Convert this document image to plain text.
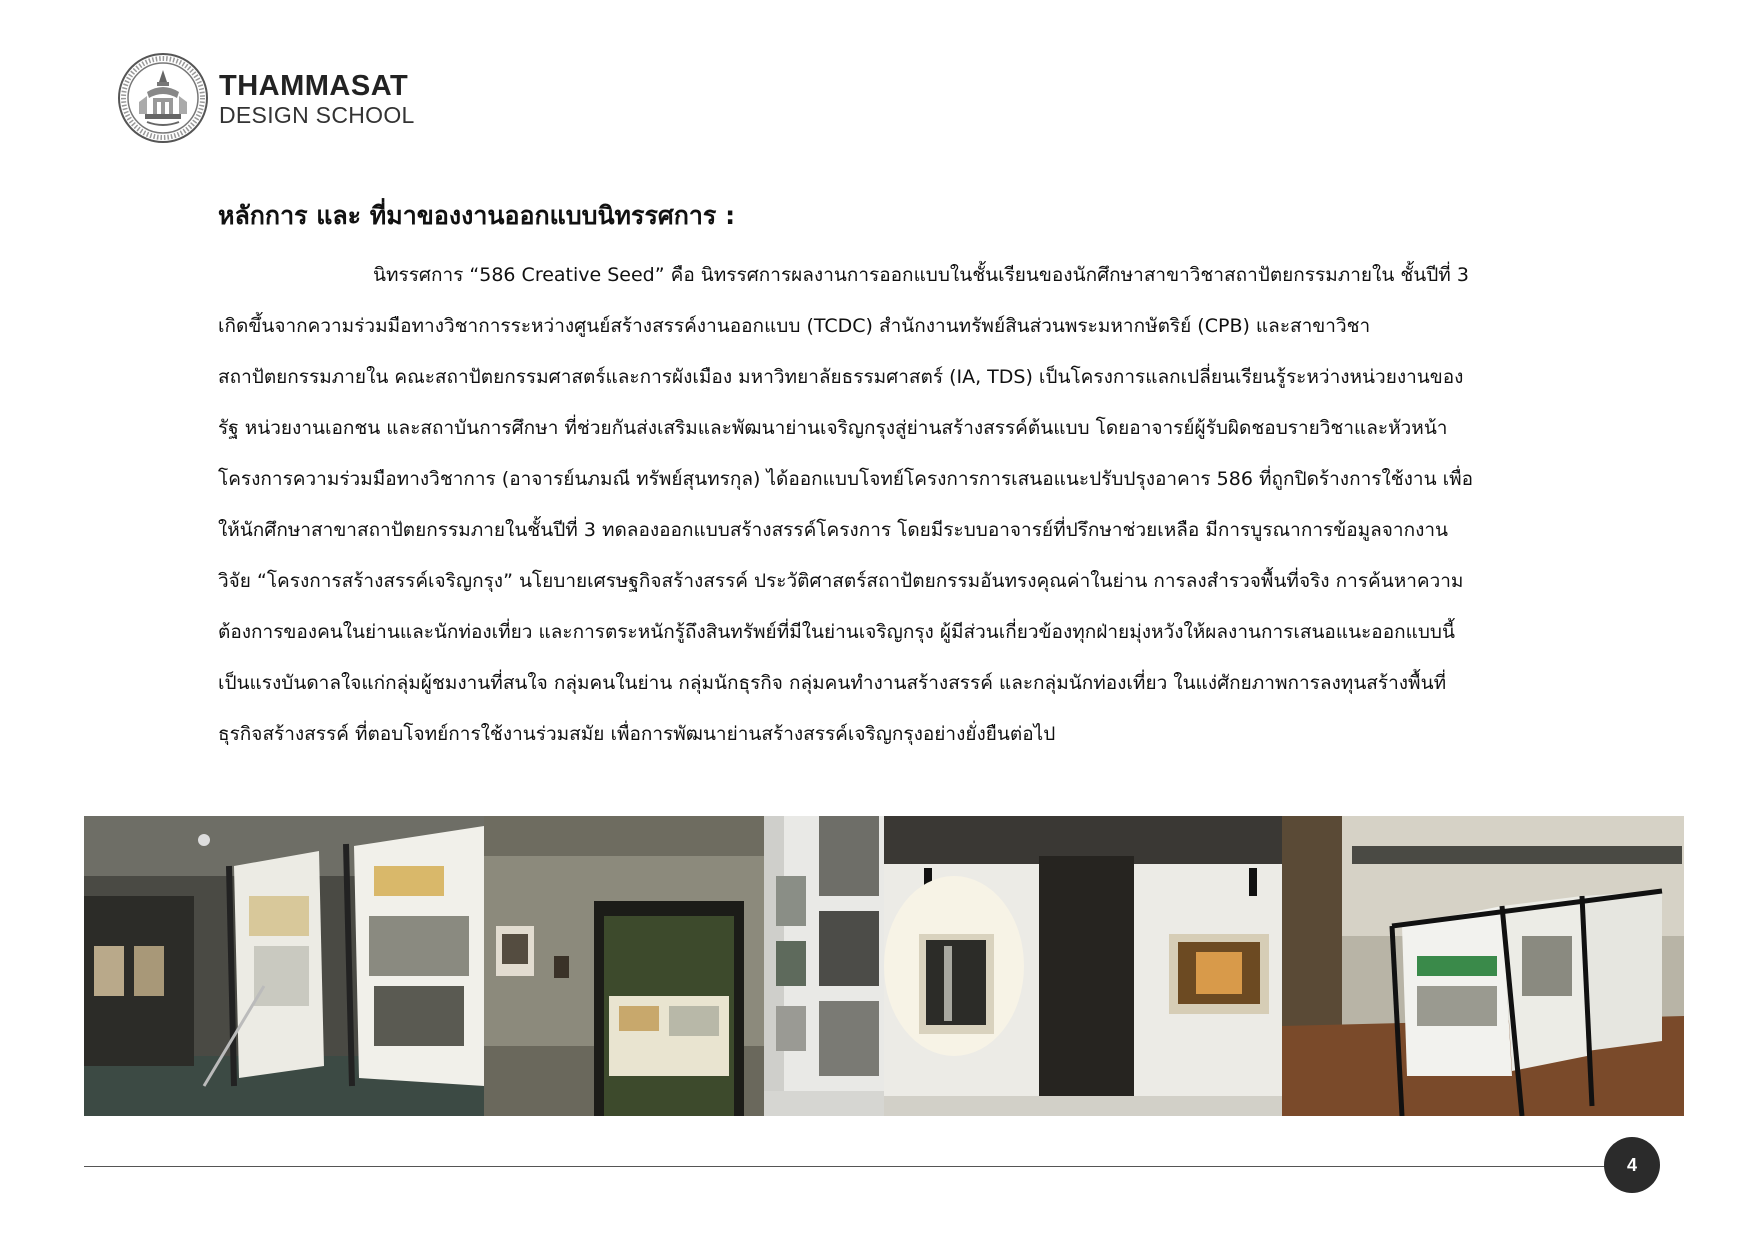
THAMMASAT
DESIGN SCHOOL
หลักการ และ ที่มาของงานออกแบบนิทรรศการ :
นิทรรศการ “586 Creative Seed” คือ นิทรรศการผลงานการออกแบบในชั้นเรียนของนักศึกษาสาขาวิชาสถาปัตยกรรมภายใน ชั้นปีที่ 3
เกิดขึ้นจากความร่วมมือทางวิชาการระหว่างศูนย์สร้างสรรค์งานออกแบบ (TCDC) สำนักงานทรัพย์สินส่วนพระมหากษัตริย์ (CPB) และสาขาวิชา
สถาปัตยกรรมภายใน คณะสถาปัตยกรรมศาสตร์และการผังเมือง มหาวิทยาลัยธรรมศาสตร์ (IA, TDS) เป็นโครงการแลกเปลี่ยนเรียนรู้ระหว่างหน่วยงานของ
รัฐ หน่วยงานเอกชน และสถาบันการศึกษา ที่ช่วยกันส่งเสริมและพัฒนาย่านเจริญกรุงสู่ย่านสร้างสรรค์ต้นแบบ โดยอาจารย์ผู้รับผิดชอบรายวิชาและหัวหน้า
โครงการความร่วมมือทางวิชาการ (อาจารย์นภมณี ทรัพย์สุนทรกุล) ได้ออกแบบโจทย์โครงการการเสนอแนะปรับปรุงอาคาร 586 ที่ถูกปิดร้างการใช้งาน เพื่อ
ให้นักศึกษาสาขาสถาปัตยกรรมภายในชั้นปีที่ 3 ทดลองออกแบบสร้างสรรค์โครงการ โดยมีระบบอาจารย์ที่ปรึกษาช่วยเหลือ มีการบูรณาการข้อมูลจากงาน
วิจัย “โครงการสร้างสรรค์เจริญกรุง” นโยบายเศรษฐกิจสร้างสรรค์ ประวัติศาสตร์สถาปัตยกรรมอันทรงคุณค่าในย่าน การลงสำรวจพื้นที่จริง การค้นหาความ
ต้องการของคนในย่านและนักท่องเที่ยว และการตระหนักรู้ถึงสินทรัพย์ที่มีในย่านเจริญกรุง ผู้มีส่วนเกี่ยวข้องทุกฝ่ายมุ่งหวังให้ผลงานการเสนอแนะออกแบบนี้
เป็นแรงบันดาลใจแก่กลุ่มผู้ชมงานที่สนใจ กลุ่มคนในย่าน กลุ่มนักธุรกิจ กลุ่มคนทำงานสร้างสรรค์ และกลุ่มนักท่องเที่ยว ในแง่ศักยภาพการลงทุนสร้างพื้นที่
ธุรกิจสร้างสรรค์ ที่ตอบโจทย์การใช้งานร่วมสมัย เพื่อการพัฒนาย่านสร้างสรรค์เจริญกรุงอย่างยั่งยืนต่อไป
4
